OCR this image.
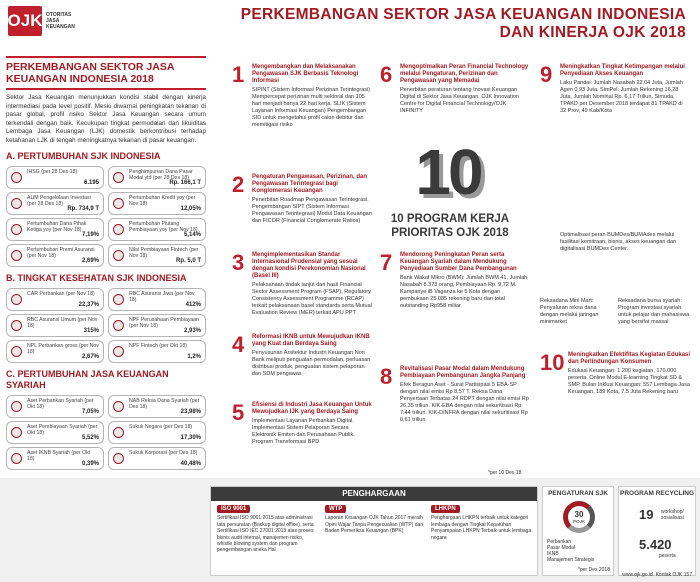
OJK OTORITAS JASA KEUANGAN
PERKEMBANGAN SEKTOR JASA KEUANGAN INDONESIA
DAN KINERJA OJK 2018
PERKEMBANGAN SEKTOR JASA KEUANGAN INDONESIA 2018
Sektor Jasa Keuangan menunjukkan kondisi stabil dengan kinerja intermediasi pada level positif. Meski diwarnai peningkatan tekanan di pasar global, profil risiko Sektor Jasa Keuangan secara umum terkendali dengan baik. Kecukupan tingkat permodalan dan likuiditas Lembaga Jasa Keuangan (LJK) domestik berkontribusi terhadap ketahanan LJK di tengah meningkatnya tekanan di pasar keuangan.
A. PERTUMBUHAN SJK INDONESIA
IHSG (per 28 Des 18)
6.195
Penghimpunan Dana Pasar Modal ytd (per 28 Des 18)
Rp. 166,1 T
AUM Pengelolaan Investasi (per 28 Des 18)
Rp. 734,9 T
Pertumbuhan Kredit yoy (per Nov 18)
12,05%
Pertumbuhan Dana Pihak Ketiga yoy (per Nov 18)
7,19%
Pertumbuhan Piutang Pembiayaan yoy (per Nov 18)
5,14%
Pertumbuhan Premi Asuransi (per Nov 18)
2,69%
Nilai Pembiayaan Fintech (per Nov 18)
Rp. 5,0 T
B. TINGKAT KESEHATAN SJK INDONESIA
CAR Perbankan (per Nov 18)
22,37%
RBC Asuransi Jiwa (per Nov 18)
412%
RBC Asuransi Umum (per Nov 18)
315%
NPF Perusahaan Pembiayaan (per Nov 18)
2,93%
NPL Perbankan gross (per Nov 18)
2,67%
NPF Fintech (per Okt 18)
1,2%
C. PERTUMBUHAN JASA KEUANGAN SYARIAH
Aset Perbankan Syariah (per Okt 18)
7,05%
NAB Reksa Dana Syariah (per Des 18)
23,98%
Aset Pembiayaan Syariah (per Okt 18)
5,52%
Sukuk Negara (per Des 18)
17,30%
Aset IKNB Syariah (per Okt 18)
0,39%
Sukuk Korporasi (per Des 18)
40,48%
1 Mengembangkan dan Melaksanakan Pengawasan SJK Berbasis Teknologi Informasi
SIPINT (Sistem Informasi Perizinan Terintegrasi) Mempercepat perizinan multi sektoral dan 105 hari menjadi hanya 22 hari kerja. SLIK (Sistem Layanan Informasi Keuangan) Pengembangan SID untuk mengetahui profil calon debitur dan memitigasi risiko
2 Pengaturan Pengawasan, Perizinan, dan Pengawasan Terintegrasi bagi Konglomerasi Keuangan
Penerbitan Roadmap Pengawasan Terintegrasi. Pengembangan SIPT (Sistem Informasi Pengawasan Terintegrasi) Modul Data Keuangan dan FICOR (Financial Conglomerate Ratios)
3 Mengimplementasikan Standar Internasional Prudensial yang sesuai dengan kondisi Perekonomian Nasional (Basel III)
Pelaksanaan tindak lanjut dari hasil Financial Sector Assessment Program (FSAP), Regulatory Consistency Assessment Programme (RCAP) terkait pelaksanaan basel standards serta Mutual Evaluation Review (MER) terkait APU PPT
4 Reformasi IKNB untuk Mewujudkan IKNB yang Kuat dan Berdaya Saing
Penyusunan Arsitektur Industri Keuangan Non Bank meliputi penguatan permodalan, perluasan distribusi produk, penguatan sistem pelaporan dan SDM pengawas
5 Efisiensi di Industri Jasa Keuangan Untuk Mewujudkan IJK yang Berdaya Saing
Implementasi Layanan Perbankan Digital. Implementasi Sistem Pelaporan Secara Elektronik Emiten dan Perusahaan Publik. Program Transformasi BPD
6 Mengoptimalkan Peran Financial Technology melalui Pengaturan, Perizinan dan Pengawasan yang Memadai
Penerbitan peraturan tentang Inovasi Keuangan Digital di Sektor Jasa Keuangan. OJK Innovation Centre for Digital Financial Technology/OJK INFINITY
10
10 PROGRAM KERJA PRIORITAS OJK 2018
7 Mendorong Peningkatan Peran serta Keuangan Syariah dalam Mendukung Penyediaan Sumber Dana Pembangunan
Bank Wakaf Mikro (BWM): Jumlah BWM 41, Jumlah Nasabah 8.373 orang, Pembiayaan Rp. 9,72 M. Kampanye iB Vaganza ke 5 Kota dengan pembukaan 25.085 rekening baru dan total outstanding Rp958 miliar
8 Revitalisasi Pasar Modal dalam Mendukung Pembiayaan Pembangunan Jangka Panjang
Efek Beragun Aset - Surat Partisipasi 5 EBA-SP dengan nilai emisi Rp 8,57 T. Reksa Dana Penyertaan Terbatas 24 RDPT dengan nilai emisi Rp 26,35 triliun. KIK-EBA dengan nilai sekuritisasi Rp 7,44 triliun. KIK-DINFRA dengan nilai sekuritisasi Rp 0,61 triliun
*per 10 Des 18
9 Meningkatkan Tingkat Ketimpangan melalui Penyediaan Akses Keuangan
Laku Pandai: Jumlah Nasabah 22,04 Juta, Jumlah Agen 0,93 Juta. SimPel: Jumlah Rekening 16,28 Juta, Jumlah Nominal Rp. 6,17 Triliun. Simuda. TPAKD per Desember 2018 terdapat 81 TPAKD di 32 Prov, 49 Kab/Kota
Optimalisasi peran BUMDes/BUMAdes melalui fasilitasi kemitraan, bisnis, akses keuangan dan digitalisasi BUMDes Center.
Reksadana Mini Mart: Penyaluran reksa dana dengan melalui jaringan minimarket
Reksadana bursa syariah: Program investasi syariah untuk pelajar dan mahasiswa yang bersifat massal
10 Meningkatkan Efektifitas Kegiatan Edukasi dan Perlindungan Konsumen
Edukasi Keuangan: 1.200 kegiatan, 170.000 peserta. Online Modul E-learning Tingkat SD & SMP. Bulan Inklusi Keuangan: 557 Lembaga Jasa Keuangan, 189 Kota, 7,5 Juta Rekening baru
PENGHARGAAN
ISO 9001
Sertifikasi ISO 9001:2015 atas administrasi tata persuratan (Backup digital office), serta Sertifikasi ISO IEC 27001:2013 atas proses bisnis audit internal, manajemen risiko, whistle blowing system dan program pengembangan aneka Hal
WTP
Laporan Keuangan OJK Tahun 2017 meraih Opini Wajar Tanpa Pengecualian (WTP) dari Badan Pemeriksa Keuangan (BPK)
LHKPN
Penghargaan LHKPN terbaik untuk kategori lembaga dengan Tingkat Kepatuhan Penyampaian LHKPN Terbaik untuk lembaga negara
PENGATURAN SJK
30
POJK
Perbankan
Pasar Modal
IKNB
Manajemen Strategis
*per Des 2018
PROGRAM RECYCLING
19 workshop/ sosialisasi
5.420
peserta
www.ojk.go.id Kontak OJK 157
